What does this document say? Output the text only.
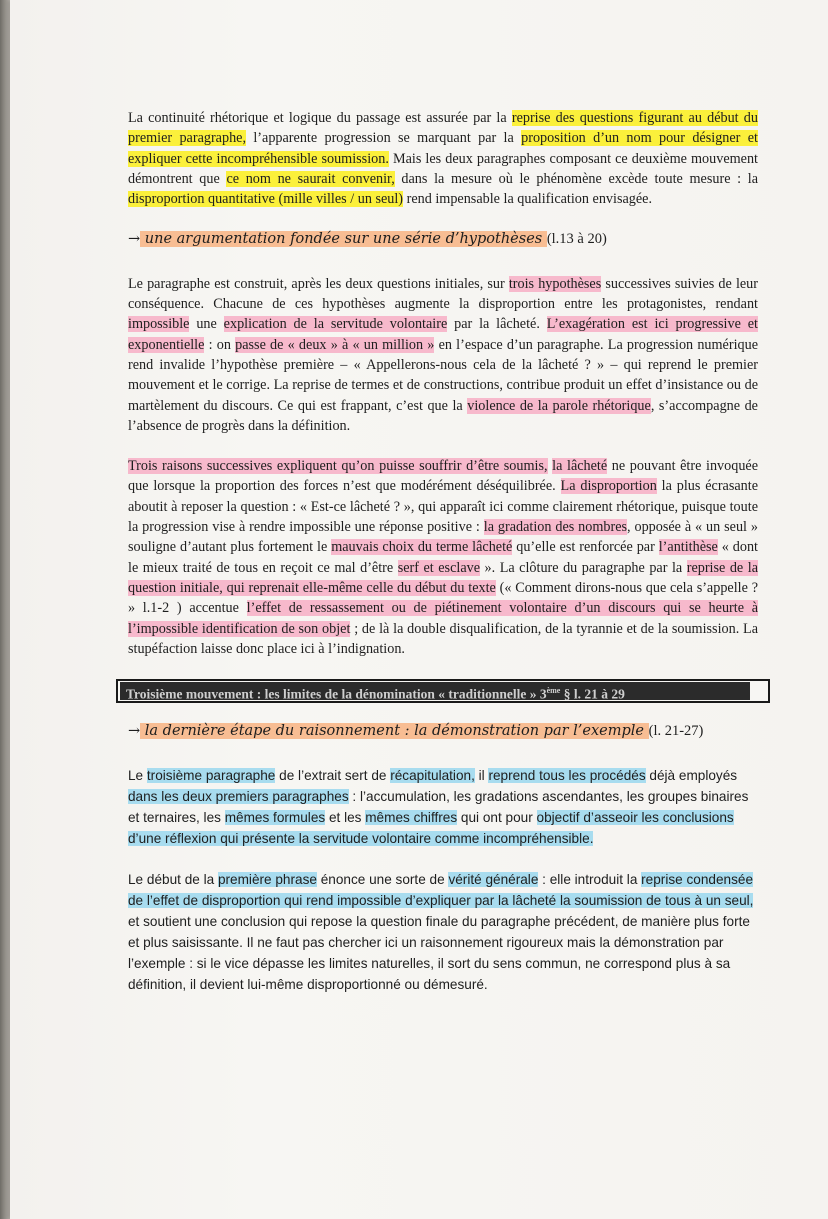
La continuité rhétorique et logique du passage est assurée par la reprise des questions figurant au début du premier paragraphe, l’apparente progression se marquant par la proposition d’un nom pour désigner et expliquer cette incompréhensible soumission. Mais les deux paragraphes composant ce deuxième mouvement démontrent que ce nom ne saurait convenir, dans la mesure où le phénomène excède toute mesure : la disproportion quantitative (mille villes / un seul) rend impensable la qualification envisagée.

→ une argumentation fondée sur une série d’hypothèses (l.13 à 20)

Le paragraphe est construit, après les deux questions initiales, sur trois hypothèses successives suivies de leur conséquence. Chacune de ces hypothèses augmente la disproportion entre les protagonistes, rendant impossible une explication de la servitude volontaire par la lâcheté. L’exagération est ici progressive et exponentielle : on passe de « deux » à « un million » en l’espace d’un paragraphe. La progression numérique rend invalide l’hypothèse première – « Appellerons-nous cela de la lâcheté ? » – qui reprend le premier mouvement et le corrige. La reprise de termes et de constructions, contribue produit un effet d’insistance ou de martèlement du discours. Ce qui est frappant, c’est que la violence de la parole rhétorique, s’accompagne de l’absence de progrès dans la définition.

Trois raisons successives expliquent qu’on puisse souffrir d’être soumis, la lâcheté ne pouvant être invoquée que lorsque la proportion des forces n’est que modérément déséquilibrée. La disproportion la plus écrasante aboutit à reposer la question : « Est-ce lâcheté ? », qui apparaît ici comme clairement rhétorique, puisque toute la progression vise à rendre impossible une réponse positive : la gradation des nombres, opposée à « un seul » souligne d’autant plus fortement le mauvais choix du terme lâcheté qu’elle est renforcée par l’antithèse « dont le mieux traité de tous en reçoit ce mal d’être serf et esclave ». La clôture du paragraphe par la reprise de la question initiale, qui reprenait elle-même celle du début du texte (« Comment dirons-nous que cela s’appelle ? » l.1-2 ) accentue l’effet de ressassement ou de piétinement volontaire d’un discours qui se heurte à l’impossible identification de son objet ; de là la double disqualification, de la tyrannie et de la soumission. La stupéfaction laisse donc place ici à l’indignation.

Troisième mouvement : les limites de la dénomination « traditionnelle » 3ème § l. 21 à 29

→ la dernière étape du raisonnement : la démonstration par l’exemple (l. 21-27)

Le troisième paragraphe de l’extrait sert de récapitulation, il reprend tous les procédés déjà employés dans les deux premiers paragraphes : l’accumulation, les gradations ascendantes, les groupes binaires et ternaires, les mêmes formules et les mêmes chiffres qui ont pour objectif d’asseoir les conclusions d’une réflexion qui présente la servitude volontaire comme incompréhensible.

Le début de la première phrase énonce une sorte de vérité générale : elle introduit la reprise condensée de l’effet de disproportion qui rend impossible d’expliquer par la lâcheté la soumission de tous à un seul, et soutient une conclusion qui repose la question finale du paragraphe précédent, de manière plus forte et plus saisissante. Il ne faut pas chercher ici un raisonnement rigoureux mais la démonstration par l’exemple : si le vice dépasse les limites naturelles, il sort du sens commun, ne correspond plus à sa définition, il devient lui-même disproportionné ou démesuré.
